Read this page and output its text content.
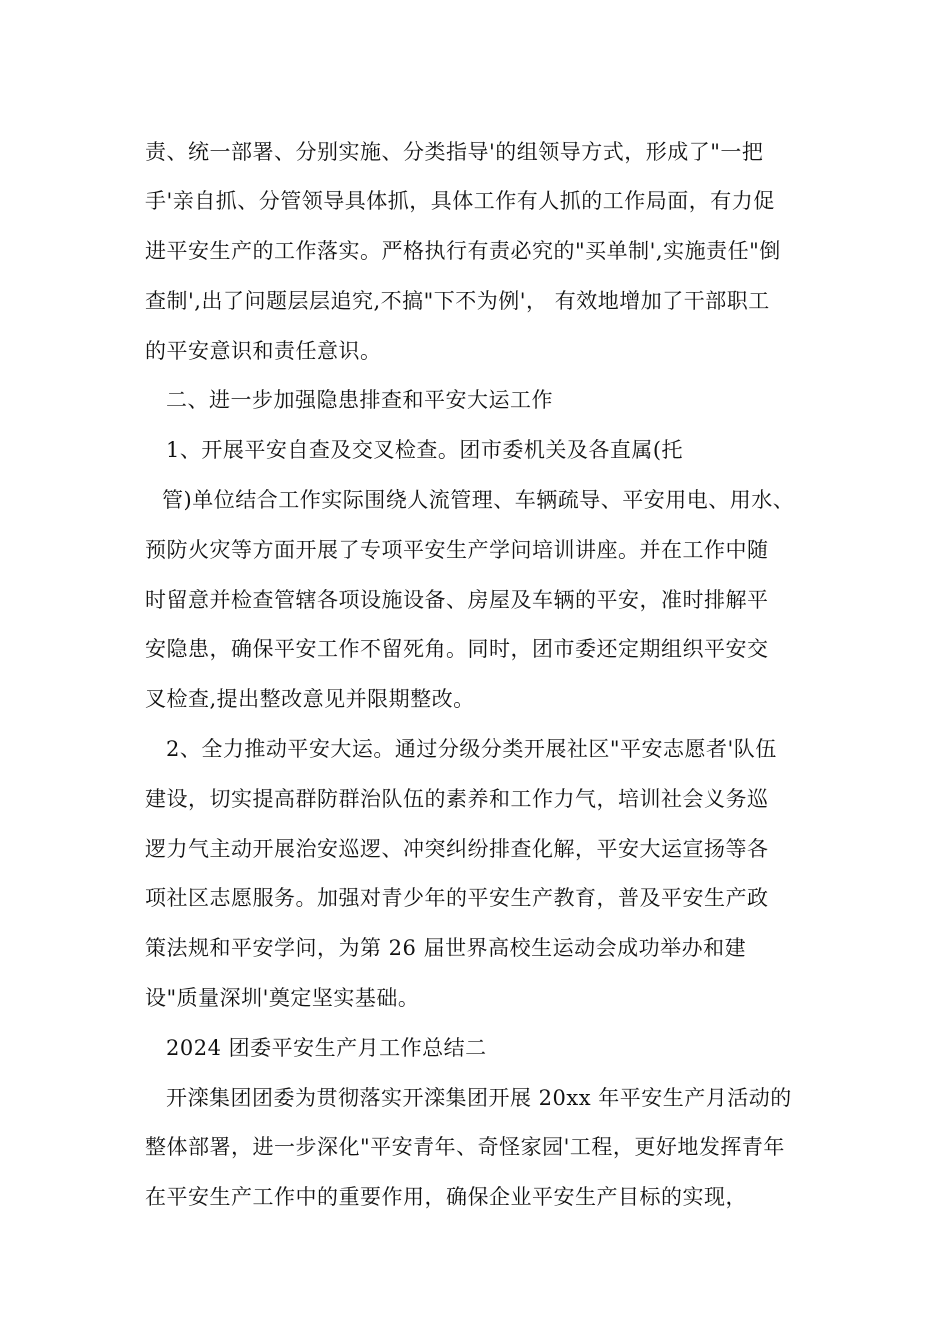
责、统一部署、分别实施、分类指导'的组领导方式，形成了"一把
手'亲自抓、分管领导具体抓，具体工作有人抓的工作局面，有力促
进平安生产的工作落实。严格执行有责必究的"买单制',实施责任"倒
查制',出了问题层层追究,不搞"下不为例'， 有效地增加了干部职工
的平安意识和责任意识。
二、进一步加强隐患排查和平安大运工作
1、开展平安自查及交叉检查。团市委机关及各直属(托
管)单位结合工作实际围绕人流管理、车辆疏导、平安用电、用水、
预防火灾等方面开展了专项平安生产学问培训讲座。并在工作中随
时留意并检查管辖各项设施设备、房屋及车辆的平安，准时排解平
安隐患，确保平安工作不留死角。同时，团市委还定期组织平安交
叉检查,提出整改意见并限期整改。
2、全力推动平安大运。通过分级分类开展社区"平安志愿者'队伍
建设，切实提高群防群治队伍的素养和工作力气，培训社会义务巡
逻力气主动开展治安巡逻、冲突纠纷排查化解，平安大运宣扬等各
项社区志愿服务。加强对青少年的平安生产教育，普及平安生产政
策法规和平安学问，为第 26 届世界高校生运动会成功举办和建
设"质量深圳'奠定坚实基础。
2024 团委平安生产月工作总结二
开滦集团团委为贯彻落实开滦集团开展 20xx 年平安生产月活动的
整体部署，进一步深化"平安青年、奇怪家园'工程，更好地发挥青年
在平安生产工作中的重要作用，确保企业平安生产目标的实现，
